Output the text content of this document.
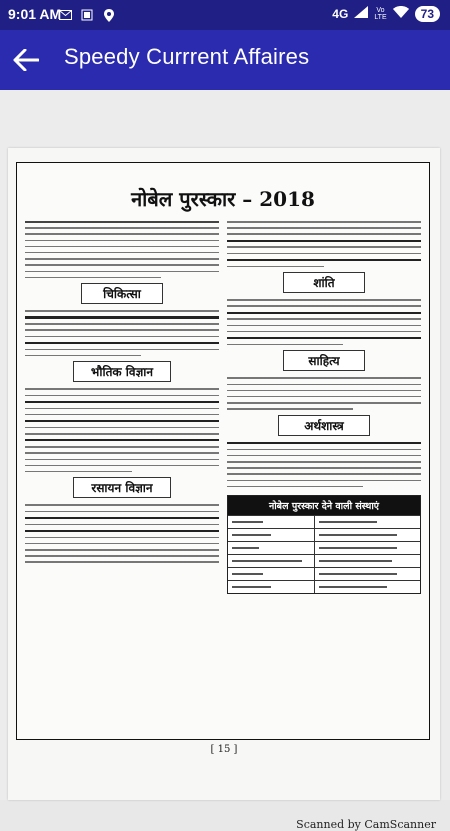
9:01 AM	4G	Vo
LTE	73
Speedy Currrent Affaires
नोबेल पुरस्कार – 2018
चिकित्सा
भौतिक विज्ञान
रसायन विज्ञान
शांति
साहित्य
अर्थशास्त्र
नोबेल पुरस्कार देने वाली संस्थाएं
[ 15 ]
Scanned by CamScanner
